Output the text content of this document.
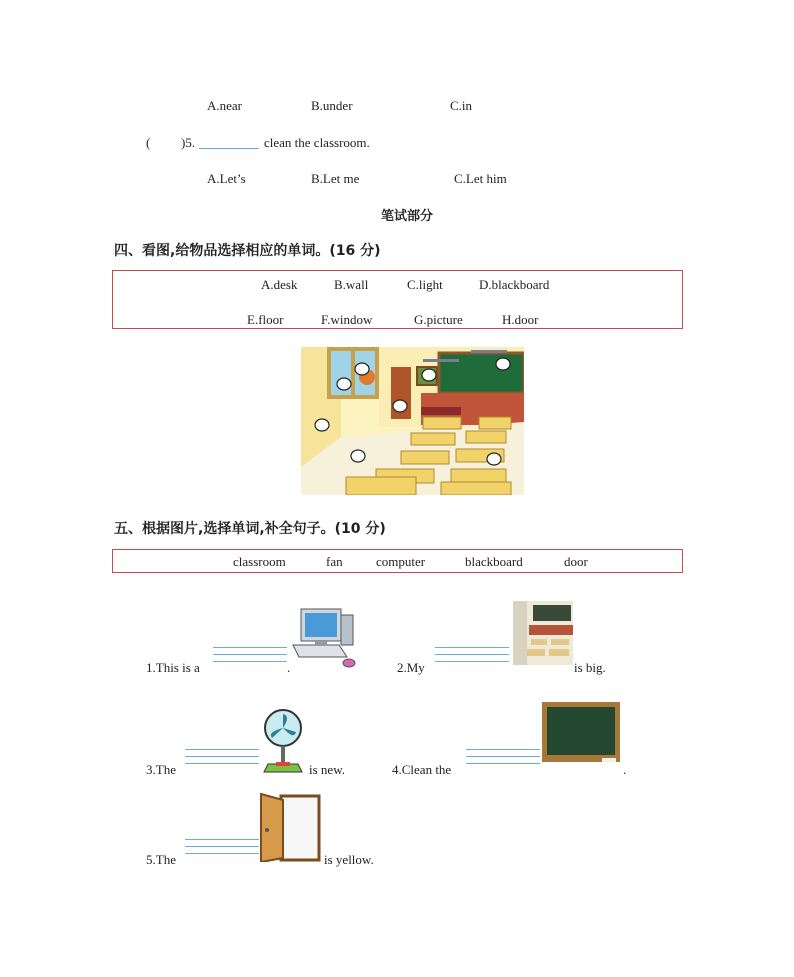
A.near	B.under	C.in
( )5.	clean the classroom.
A.Let’s	B.Let me	C.Let him
笔试部分
四、看图,给物品选择相应的单词。(16 分)
A.desk	B.wall	C.light	D.blackboard
E.floor	F.window	G.picture	H.door
五、根据图片,选择单词,补全句子。(10 分)
classroom	fan	computer	blackboard	door
1.This is a	.	2.My	is big.
3.The	is new.	4.Clean the	.
5.The	is yellow.
